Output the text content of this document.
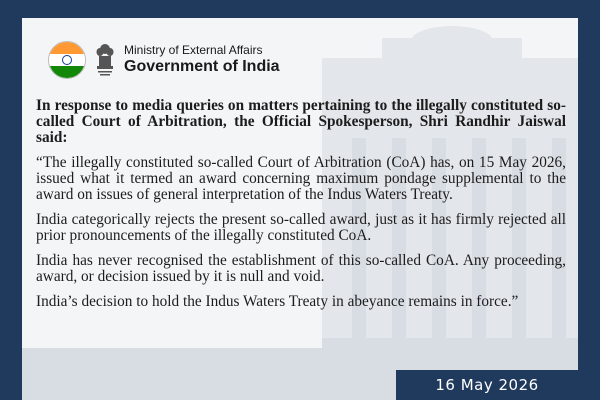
Ministry of External Affairs
Government of India

In response to media queries on matters pertaining to the illegally constituted so-called Court of Arbitration, the Official Spokesperson, Shri Randhir Jaiswal said:

“The illegally constituted so-called Court of Arbitration (CoA) has, on 15 May 2026, issued what it termed an award concerning maximum pondage supplemental to the award on issues of general interpretation of the Indus Waters Treaty.

India categorically rejects the present so-called award, just as it has firmly rejected all prior pronouncements of the illegally constituted CoA.

India has never recognised the establishment of this so-called CoA. Any proceeding, award, or decision issued by it is null and void.

India’s decision to hold the Indus Waters Treaty in abeyance remains in force.”

16 May 2026
